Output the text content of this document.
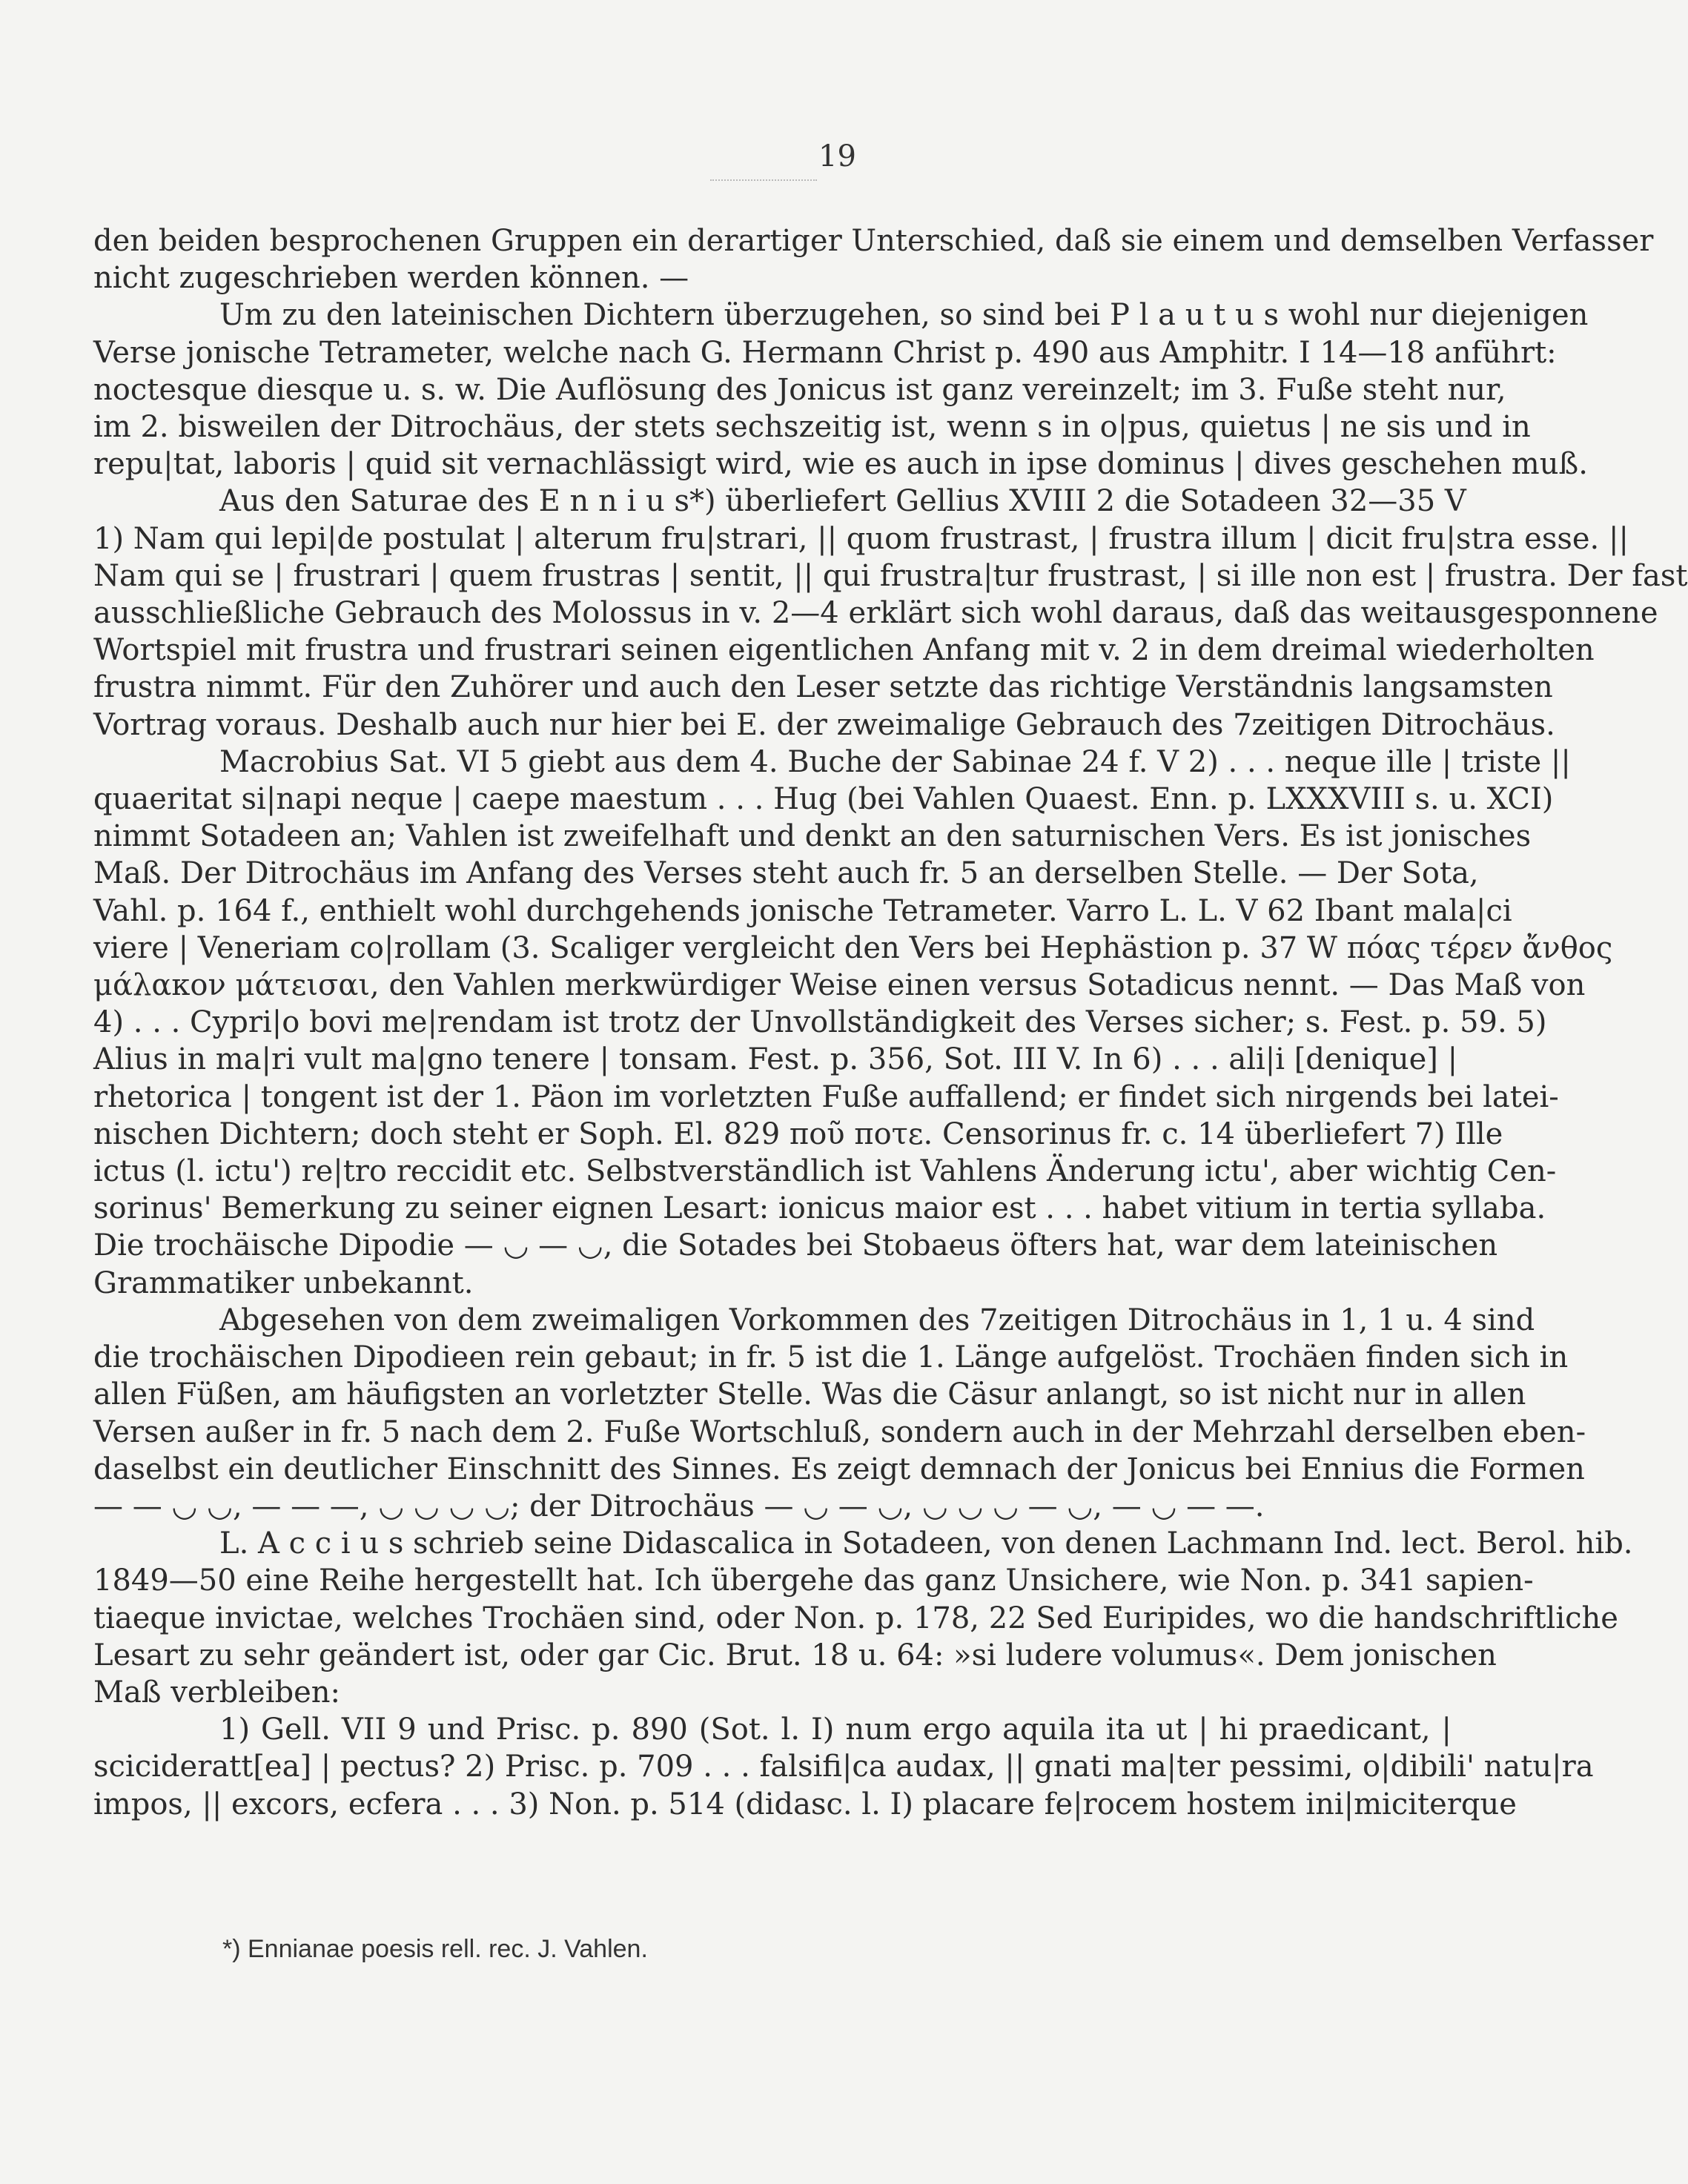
19

den beiden besprochenen Gruppen ein derartiger Unterschied, daß sie einem und demselben Verfasser
nicht zugeschrieben werden können. —

Um zu den lateinischen Dichtern überzugehen, so sind bei P l a u t u s wohl nur diejenigen
Verse jonische Tetrameter, welche nach G. Hermann Christ p. 490 aus Amphitr. I 14—18 anführt:
noctesque diesque u. s. w. Die Auflösung des Jonicus ist ganz vereinzelt; im 3. Fuße steht nur,
im 2. bisweilen der Ditrochäus, der stets sechszeitig ist, wenn s in o|pus, quietus | ne sis und in
repu|tat, laboris | quid sit vernachlässigt wird, wie es auch in ipse dominus | dives geschehen muß.

Aus den Saturae des E n n i u s*) überliefert Gellius XVIII 2 die Sotadeen 32—35 V
1) Nam qui lepi|de postulat | alterum fru|strari, || quom frustrast, | frustra illum | dicit fru|stra esse. ||
Nam qui se | frustrari | quem frustras | sentit, || qui frustra|tur frustrast, | si ille non est | frustra. Der fast
ausschließliche Gebrauch des Molossus in v. 2—4 erklärt sich wohl daraus, daß das weitausgesponnene
Wortspiel mit frustra und frustrari seinen eigentlichen Anfang mit v. 2 in dem dreimal wiederholten
frustra nimmt. Für den Zuhörer und auch den Leser setzte das richtige Verständnis langsamsten
Vortrag voraus. Deshalb auch nur hier bei E. der zweimalige Gebrauch des 7zeitigen Ditrochäus.

Macrobius Sat. VI 5 giebt aus dem 4. Buche der Sabinae 24 f. V 2) . . . neque ille | triste ||
quaeritat si|napi neque | caepe maestum . . . Hug (bei Vahlen Quaest. Enn. p. LXXXVIII s. u. XCI)
nimmt Sotadeen an; Vahlen ist zweifelhaft und denkt an den saturnischen Vers. Es ist jonisches
Maß. Der Ditrochäus im Anfang des Verses steht auch fr. 5 an derselben Stelle. — Der Sota,
Vahl. p. 164 f., enthielt wohl durchgehends jonische Tetrameter. Varro L. L. V 62 Ibant mala|ci
viere | Veneriam co|rollam (3. Scaliger vergleicht den Vers bei Hephästion p. 37 W πόας τέρεν ἄνθος
μάλακον μάτεισαι, den Vahlen merkwürdiger Weise einen versus Sotadicus nennt. — Das Maß von
4) . . . Cypri|o bovi me|rendam ist trotz der Unvollständigkeit des Verses sicher; s. Fest. p. 59. 5)
Alius in ma|ri vult ma|gno tenere | tonsam. Fest. p. 356, Sot. III V. In 6) . . . ali|i [denique] |
rhetorica | tongent ist der 1. Päon im vorletzten Fuße auffallend; er findet sich nirgends bei latei-
nischen Dichtern; doch steht er Soph. El. 829 ποῦ ποτε. Censorinus fr. c. 14 überliefert 7) Ille
ictus (l. ictu') re|tro reccidit etc. Selbstverständlich ist Vahlens Änderung ictu', aber wichtig Cen-
sorinus' Bemerkung zu seiner eignen Lesart: ionicus maior est . . . habet vitium in tertia syllaba.
Die trochäische Dipodie — ◡ — ◡, die Sotades bei Stobaeus öfters hat, war dem lateinischen
Grammatiker unbekannt.

Abgesehen von dem zweimaligen Vorkommen des 7zeitigen Ditrochäus in 1, 1 u. 4 sind
die trochäischen Dipodieen rein gebaut; in fr. 5 ist die 1. Länge aufgelöst. Trochäen finden sich in
allen Füßen, am häufigsten an vorletzter Stelle. Was die Cäsur anlangt, so ist nicht nur in allen
Versen außer in fr. 5 nach dem 2. Fuße Wortschluß, sondern auch in der Mehrzahl derselben eben-
daselbst ein deutlicher Einschnitt des Sinnes. Es zeigt demnach der Jonicus bei Ennius die Formen
— — ◡ ◡, — — —, ◡ ◡ ◡ ◡; der Ditrochäus — ◡ — ◡, ◡ ◡ ◡ — ◡, — ◡ — —.

L. A c c i u s schrieb seine Didascalica in Sotadeen, von denen Lachmann Ind. lect. Berol. hib.
1849—50 eine Reihe hergestellt hat. Ich übergehe das ganz Unsichere, wie Non. p. 341 sapien-
tiaeque invictae, welches Trochäen sind, oder Non. p. 178, 22 Sed Euripides, wo die handschriftliche
Lesart zu sehr geändert ist, oder gar Cic. Brut. 18 u. 64: »si ludere volumus«. Dem jonischen
Maß verbleiben:

1) Gell. VII 9 und Prisc. p. 890 (Sot. l. I) num ergo aquila ita ut | hi praedicant, |
scicideratt[ea] | pectus? 2) Prisc. p. 709 . . . falsifi|ca audax, || gnati ma|ter pessimi, o|dibili' natu|ra
impos, || excors, ecfera . . . 3) Non. p. 514 (didasc. l. I) placare fe|rocem hostem ini|miciterque

*) Ennianae poesis rell. rec. J. Vahlen.
